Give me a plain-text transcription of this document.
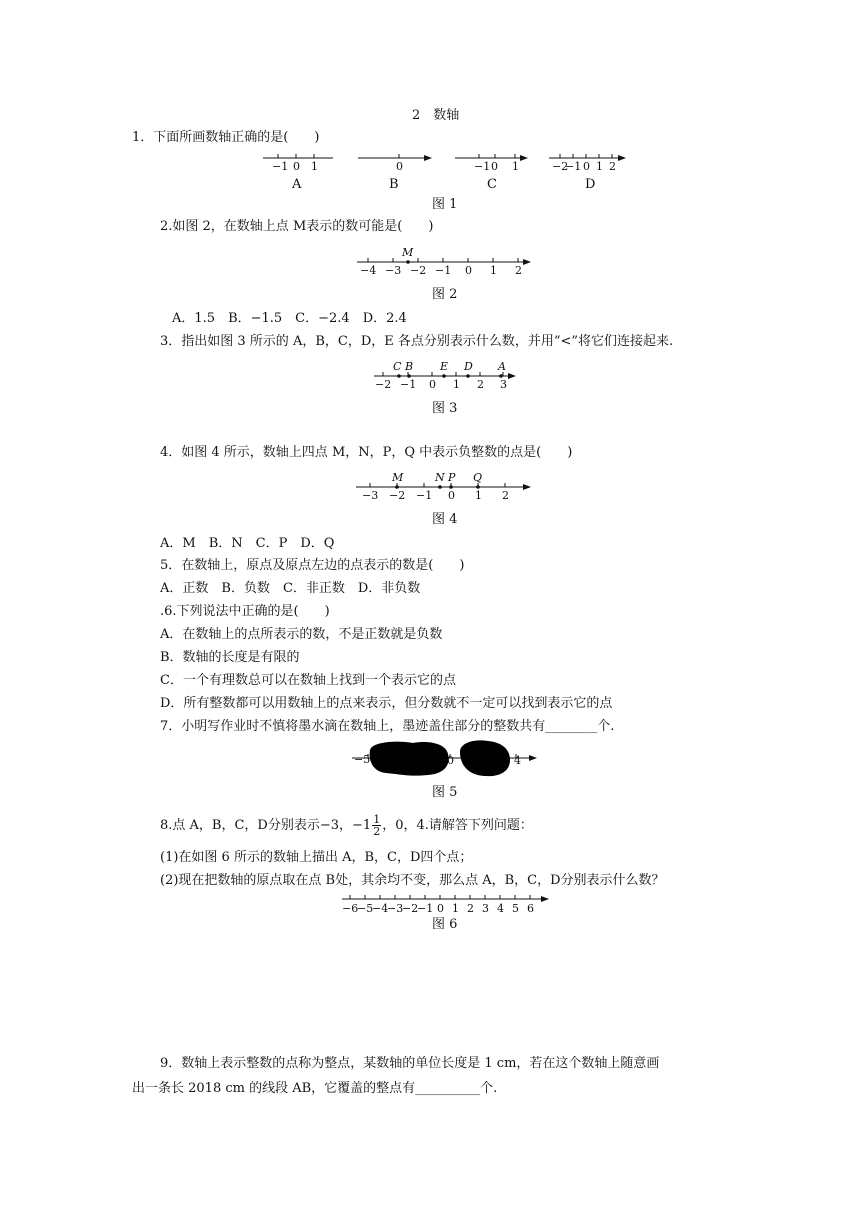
2　数轴
1．下面所画数轴正确的是(　　)
−1 0 1
A
0
B
−1 0 1
C
−2
−1 0 1 2
D
图 1
2.如图 2，在数轴上点 M表示的数可能是(　　)
M
−4 −3 −2 −1 0 1 2
图 2
A．1.5　B．−1.5　C．−2.4　D．2.4
3．指出如图 3 所示的 A，B，C，D，E 各点分别表示什么数，并用“<”将它们连接起来.
C B E D A
−2 −1 0 1 2 3
图 3
4．如图 4 所示，数轴上四点 M，N，P，Q 中表示负整数的点是(　　)
M	N P Q
−3 −2 −1 0 1 2
图 4
A．M　B．N　C．P　D．Q
5．在数轴上，原点及原点左边的点表示的数是(　　)
A．正数　B．负数　C．非正数　D．非负数
.6.下列说法中正确的是(　　)
A．在数轴上的点所表示的数，不是正数就是负数
B．数轴的长度是有限的
C．一个有理数总可以在数轴上找到一个表示它的点
D．所有整数都可以用数轴上的点来表示，但分数就不一定可以找到表示它的点
7．小明写作业时不慎将墨水滴在数轴上，墨迹盖住部分的整数共有________个.
−5	0	4
图 5
8.点 A，B，C，D分别表示−3，$-1 \frac{1}{2}$ ，0，4.请解答下列问题：
(1)在如图 6 所示的数轴上描出 A，B，C，D四个点；
(2)现在把数轴的原点取在点 B处，其余均不变，那么点 A，B，C，D分别表示什么数？
−6
−5
−4
−3
−2
−1 0 1 2 3 4 5 6
图 6
9．数轴上表示整数的点称为整点，某数轴的单位长度是 1 cm，若在这个数轴上随意画
出一条长 2018 cm 的线段 AB，它覆盖的整点有__________个.
